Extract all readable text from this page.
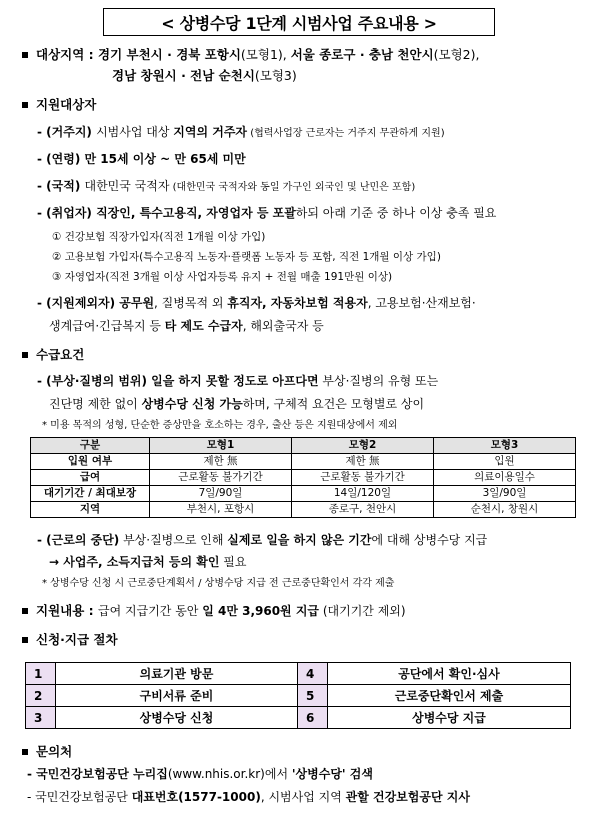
< 상병수당 1단계 시범사업 주요내용 >
대상지역 : 경기 부천시 · 경북 포항시(모형1), 서울 종로구 · 충남 천안시(모형2),
경남 창원시 · 전남 순천시(모형3)
지원대상자
- (거주지) 시범사업 대상 지역의 거주자 (협력사업장 근로자는 거주지 무관하게 지원)
- (연령) 만 15세 이상 ~ 만 65세 미만
- (국적) 대한민국 국적자 (대한민국 국적자와 동일 가구인 외국인 및 난민은 포함)
- (취업자) 직장인, 특수고용직, 자영업자 등 포괄하되 아래 기준 중 하나 이상 충족 필요
① 건강보험 직장가입자(직전 1개월 이상 가입)
② 고용보험 가입자(특수고용직 노동자·플랫폼 노동자 등 포함, 직전 1개월 이상 가입)
③ 자영업자(직전 3개월 이상 사업자등록 유지 + 전월 매출 191만원 이상)
- (지원제외자) 공무원, 질병목적 외 휴직자, 자동차보험 적용자, 고용보험·산재보험·
생계급여·긴급복지 등 타 제도 수급자, 해외출국자 등
수급요건
- (부상·질병의 범위) 일을 하지 못할 정도로 아프다면 부상·질병의 유형 또는
진단명 제한 없이 상병수당 신청 가능하며, 구체적 요건은 모형별로 상이
* 미용 목적의 성형, 단순한 증상만을 호소하는 경우, 출산 등은 지원대상에서 제외
구분	모형1	모형2	모형3
입원 여부	제한 無	제한 無	입원
급여	근로활동 불가기간	근로활동 불가기간	의료이용일수
대기기간 / 최대보장	7일/90일	14일/120일	3일/90일
지역	부천시, 포항시	종로구, 천안시	순천시, 창원시
- (근로의 중단) 부상·질병으로 인해 실제로 일을 하지 않은 기간에 대해 상병수당 지급
→ 사업주, 소득지급처 등의 확인 필요
* 상병수당 신청 시 근로중단계획서 / 상병수당 지급 전 근로중단확인서 각각 제출
지원내용 : 급여 지급기간 동안 일 4만 3,960원 지급 (대기기간 제외)
신청·지급 절차
1	의료기관 방문	4	공단에서 확인·심사
2	구비서류 준비	5	근로중단확인서 제출
3	상병수당 신청	6	상병수당 지급
문의처
- 국민건강보험공단 누리집(www.nhis.or.kr)에서 '상병수당' 검색
- 국민건강보험공단 대표번호(1577-1000), 시범사업 지역 관할 건강보험공단 지사
